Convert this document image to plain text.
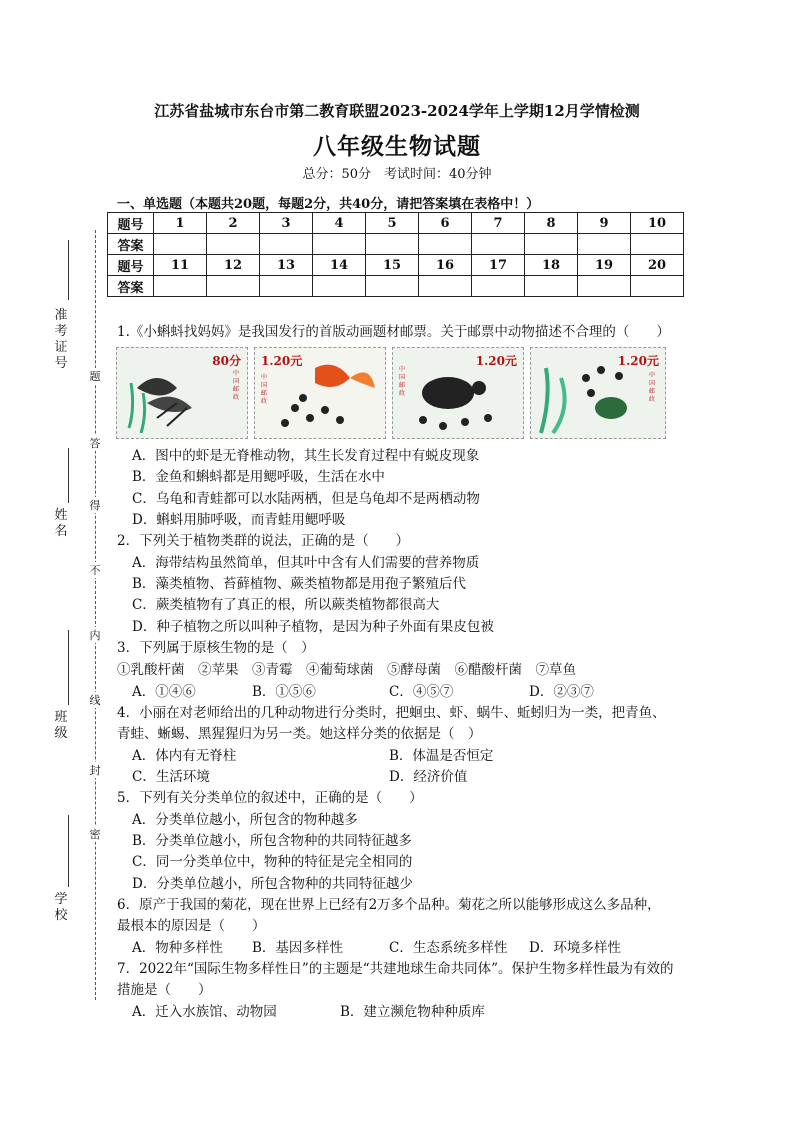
江苏省盐城市东台市第二教育联盟2023-2024学年上学期12月学情检测
八年级生物试题
总分：50分　考试时间：40分钟
一、单选题（本题共20题，每题2分，共40分，请把答案填在表格中！）
题号	1	2	3	4	5	6	7	8	9	10
答案										
题号	11	12	13	14	15	16	17	18	19	20
答案										
准考证号
姓名
班级
学校
题
答
得
不
内
线
封
密
1.《小蝌蚪找妈妈》是我国发行的首版动画题材邮票。关于邮票中动物描述不合理的（　　）
80分
中国邮政
1.20元
中国邮政
1.20元
中国邮政
1.20元
中国邮政
A．图中的虾是无脊椎动物，其生长发育过程中有蜕皮现象
B．金鱼和蝌蚪都是用鳃呼吸，生活在水中
C．乌龟和青蛙都可以水陆两栖，但是乌龟却不是两栖动物
D．蝌蚪用肺呼吸，而青蛙用鳃呼吸
2．下列关于植物类群的说法，正确的是（　　）
A．海带结构虽然简单，但其叶中含有人们需要的营养物质
B．藻类植物、苔藓植物、蕨类植物都是用孢子繁殖后代
C．蕨类植物有了真正的根，所以蕨类植物都很高大
D．种子植物之所以叫种子植物，是因为种子外面有果皮包被
3．下列属于原核生物的是（　）
①乳酸杆菌　②苹果　③青霉　④葡萄球菌　⑤酵母菌　⑥醋酸杆菌　⑦草鱼
A．①④⑥	B．①⑤⑥	C．④⑤⑦	D．②③⑦
4．小丽在对老师给出的几种动物进行分类时，把蛔虫、虾、蜗牛、蚯蚓归为一类，把青鱼、
青蛙、蜥蜴、黑猩猩归为另一类。她这样分类的依据是（　）
A．体内有无脊柱	B．体温是否恒定
C．生活环境	D．经济价值
5．下列有关分类单位的叙述中，正确的是（　　）
A．分类单位越小，所包含的物种越多
B．分类单位越小，所包含物种的共同特征越多
C．同一分类单位中，物种的特征是完全相同的
D．分类单位越小，所包含物种的共同特征越少
6．原产于我国的菊花，现在世界上已经有2万多个品种。菊花之所以能够形成这么多品种，
最根本的原因是（　　）
A．物种多样性 B．基因多样性	C．生态系统多样性 D．环境多样性
7．2022年“国际生物多样性日”的主题是“共建地球生命共同体”。保护生物多样性最为有效的
措施是（　　）
A．迁入水族馆、动物园	B．建立濒危物种种质库
